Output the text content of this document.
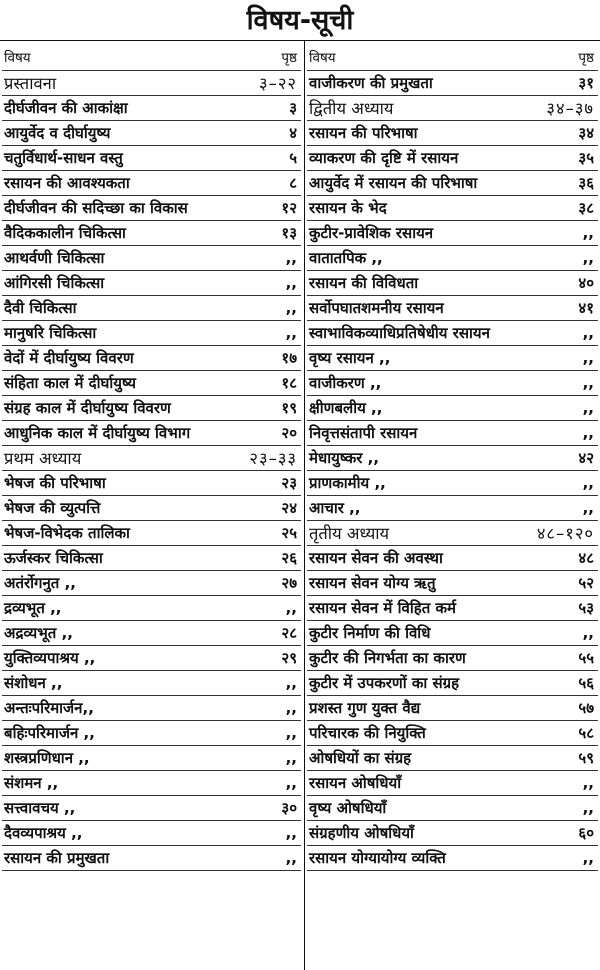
विषय-सूची
विषय	पृष्ठ
प्रस्तावना	३–२२
दीर्घजीवन की आकांक्षा	३
आयुर्वेद व दीर्घायुष्य	४
चतुर्विधार्थ-साधन वस्तु	५
रसायन की आवश्यकता	८
दीर्घजीवन की सदिच्छा का विकास	१२
वैदिककालीन चिकित्सा	१३
आथर्वणी चिकित्सा	,,
आंगिरसी चिकित्सा	,,
दैवी चिकित्सा	,,
मानुषरि चिकित्सा	,,
वेदों में दीर्घायुष्य विवरण	१७
संहिता काल में दीर्घायुष्य	१८
संग्रह काल में दीर्घायुष्य विवरण	१९
आधुनिक काल में दीर्घायुष्य विभाग	२०
प्रथम अध्याय	२३–३३
भेषज की परिभाषा	२३
भेषज की व्युत्पत्ति	२४
भेषज-विभेदक तालिका	२५
ऊर्जस्कर चिकित्सा	२६
अतंर्रोगनुत ,,	२७
द्रव्यभूत ,,	,,
अद्रव्यभूत ,,	२८
युक्तिव्यपाश्रय ,,	२९
संशोधन ,,	,,
अन्तःपरिमार्जन,,	,,
बहिःपरिमार्जन ,,	,,
शस्त्रप्रणिधान ,,	,,
संशमन ,,	,,
सत्त्वावचय ,,	३०
दैवव्यपाश्रय ,,	,,
रसायन की प्रमुखता	,,
विषय	पृष्ठ
वाजीकरण की प्रमुखता	३१
द्वितीय अध्याय	३४–३७
रसायन की परिभाषा	३४
व्याकरण की दृष्टि में रसायन	३५
आयुर्वेद में रसायन की परिभाषा	३६
रसायन के भेद	३८
कुटीर-प्रावेशिक रसायन	,,
वातातपिक ,,	,,
रसायन की विविधता	४०
सर्वोपघातशमनीय रसायन	४१
स्वाभाविकव्याधिप्रतिषेधीय रसायन	,,
वृष्य रसायन ,,	,,
वाजीकरण ,,	,,
क्षीणबलीय ,,	,,
निवृत्तसंतापी रसायन	,,
मेधायुष्कर ,,	४२
प्राणकामीय ,,	,,
आचार ,,	,,
तृतीय अध्याय	४८–१२०
रसायन सेवन की अवस्था	४८
रसायन सेवन योग्य ऋतु	५२
रसायन सेवन में विहित कर्म	५३
कुटीर निर्माण की विधि	,,
कुटीर की निगर्भता का कारण	५५
कुटीर में उपकरणों का संग्रह	५६
प्रशस्त गुण युक्त वैद्य	५७
परिचारक की नियुक्ति	५८
ओषधियों का संग्रह	५९
रसायन ओषधियाँ	,,
वृष्य ओषधियाँ	,,
संग्रहणीय ओषधियाँ	६०
रसायन योग्यायोग्य व्यक्ति	,,
